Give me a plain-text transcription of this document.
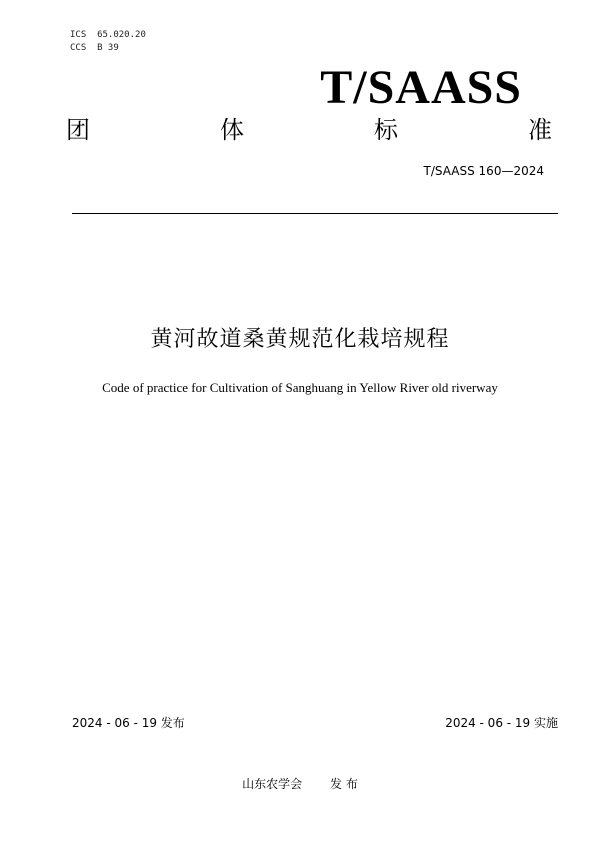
ICS  65.020.20
CCS  B 39
T/SAASS
团	体	标	准
T/SAASS 160—2024
黄河故道桑黄规范化栽培规程
Code of practice for Cultivation of Sanghuang in Yellow River old riverway
2024 - 06 - 19 发布	2024 - 06 - 19 实施
山东农学会 发 布
